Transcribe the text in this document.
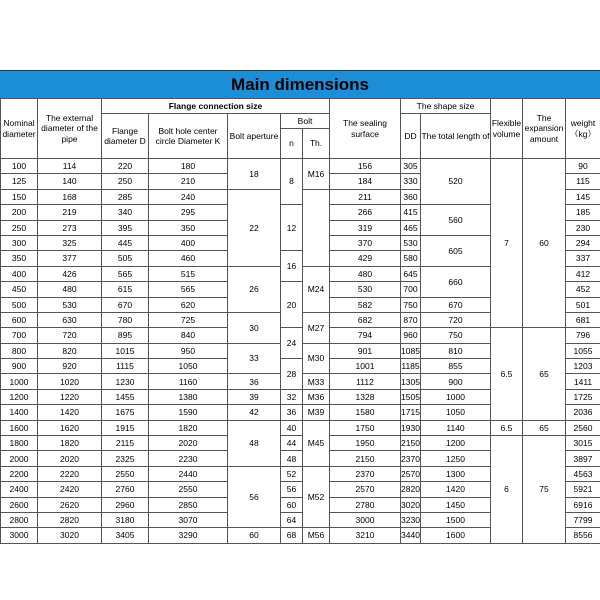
Main dimensions
Nominal diameter	The external diameter of the pipe	Flange connection size					The sealing surface	The shape size		Flexible volume	The expansion amount	weight（kg）
		Flange diameter D	Bolt hole center circle Diameter K	Bolt aperture	Bolt			DD	The total length of			
					n	Th.						
100	114	220	180	18	8	M16	156	305	520	7	60	90
125	140	250	210				184	330				115
150	168	285	240	22			211	360				145
200	219	340	295		12		266	415	560			185
250	273	395	350				319	465				230
300	325	445	400				370	530	605			294
350	377	505	460		16		429	580				337
400	426	565	515	26		M24	480	645	660			412
450	480	615	565		20		530	700				452
500	530	670	620				582	750	670			501
600	630	780	725	30		M27	682	870	720			681
700	720	895	840		24		794	960	750	6.5	65	796
800	820	1015	950	33		M30	901	1085	810			1055
900	920	1115	1050		28		1001	1185	855			1203
1000	1020	1230	1160	36		M33	1112	1305	900			1411
1200	1220	1455	1380	39	32	M36	1328	1505	1000			1725
1400	1420	1675	1590	42	36	M39	1580	1715	1050			2036
1600	1620	1915	1820	48	40	M45	1750	1930	1140	6.5	65	2560
1800	1820	2115	2020		44		1950	2150	1200	6	75	3015
2000	2020	2325	2230		48		2150	2370	1250			3897
2200	2220	2550	2440	56	52	M52	2370	2570	1300			4563
2400	2420	2760	2550		56		2570	2820	1420			5921
2600	2620	2960	2850		60		2780	3020	1450			6916
2800	2820	3180	3070		64		3000	3230	1500			7799
3000	3020	3405	3290	60	68	M56	3210	3440	1600			8556
